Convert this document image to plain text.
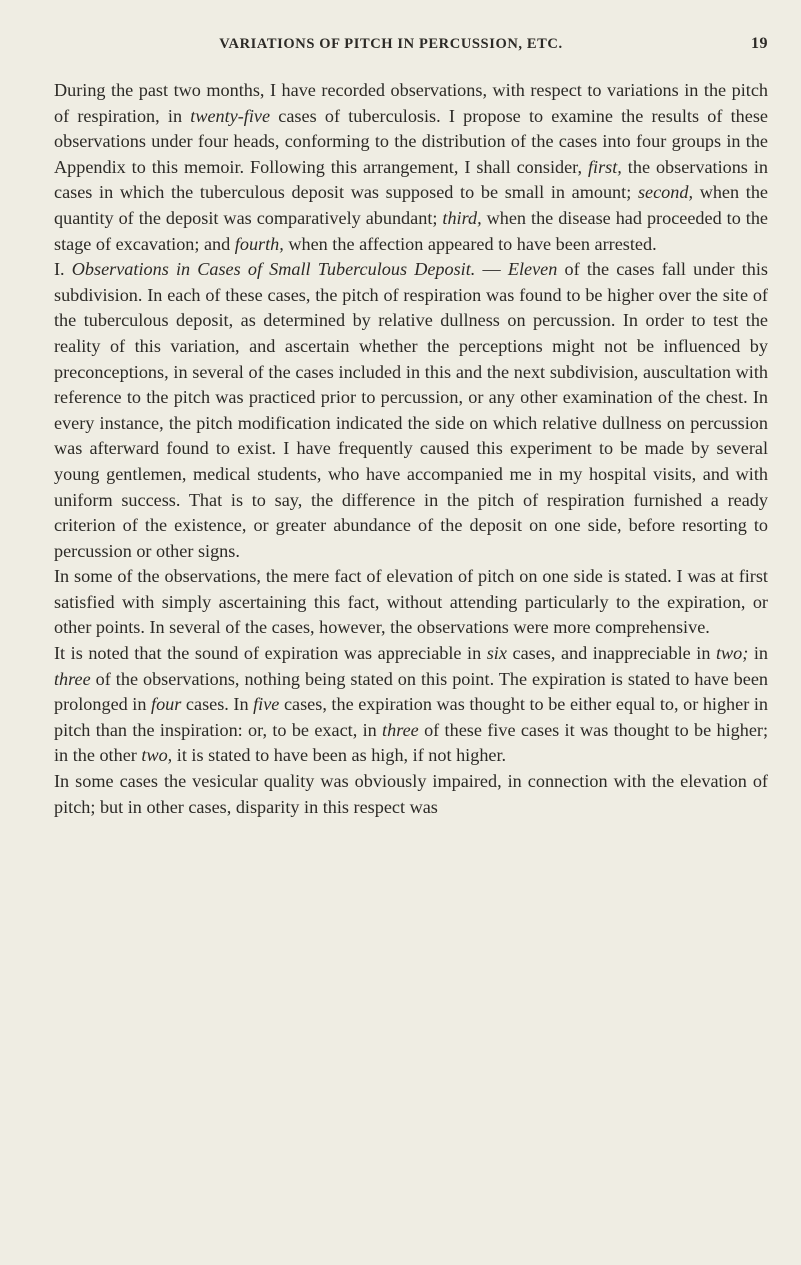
VARIATIONS OF PITCH IN PERCUSSION, ETC.	19

During the past two months, I have recorded observations, with respect to variations in the pitch of respiration, in twenty-five cases of tuberculosis. I propose to examine the results of these observations under four heads, conforming to the distribution of the cases into four groups in the Appendix to this memoir. Following this arrangement, I shall consider, first, the observations in cases in which the tuberculous deposit was supposed to be small in amount; second, when the quantity of the deposit was comparatively abundant; third, when the disease had proceeded to the stage of excavation; and fourth, when the affection appeared to have been arrested.

I. Observations in Cases of Small Tuberculous Deposit. — Eleven of the cases fall under this subdivision. In each of these cases, the pitch of respiration was found to be higher over the site of the tuberculous deposit, as determined by relative dullness on percussion. In order to test the reality of this variation, and ascertain whether the perceptions might not be influenced by preconceptions, in several of the cases included in this and the next subdivision, auscultation with reference to the pitch was practiced prior to percussion, or any other examination of the chest. In every instance, the pitch modification indicated the side on which relative dullness on percussion was afterward found to exist. I have frequently caused this experiment to be made by several young gentlemen, medical students, who have accompanied me in my hospital visits, and with uniform success. That is to say, the difference in the pitch of respiration furnished a ready criterion of the existence, or greater abundance of the deposit on one side, before resorting to percussion or other signs.

In some of the observations, the mere fact of elevation of pitch on one side is stated. I was at first satisfied with simply ascertaining this fact, without attending particularly to the expiration, or other points. In several of the cases, however, the observations were more comprehensive.

It is noted that the sound of expiration was appreciable in six cases, and inappreciable in two; in three of the observations, nothing being stated on this point. The expiration is stated to have been prolonged in four cases. In five cases, the expiration was thought to be either equal to, or higher in pitch than the inspiration: or, to be exact, in three of these five cases it was thought to be higher; in the other two, it is stated to have been as high, if not higher.

In some cases the vesicular quality was obviously impaired, in connection with the elevation of pitch; but in other cases, disparity in this respect was
